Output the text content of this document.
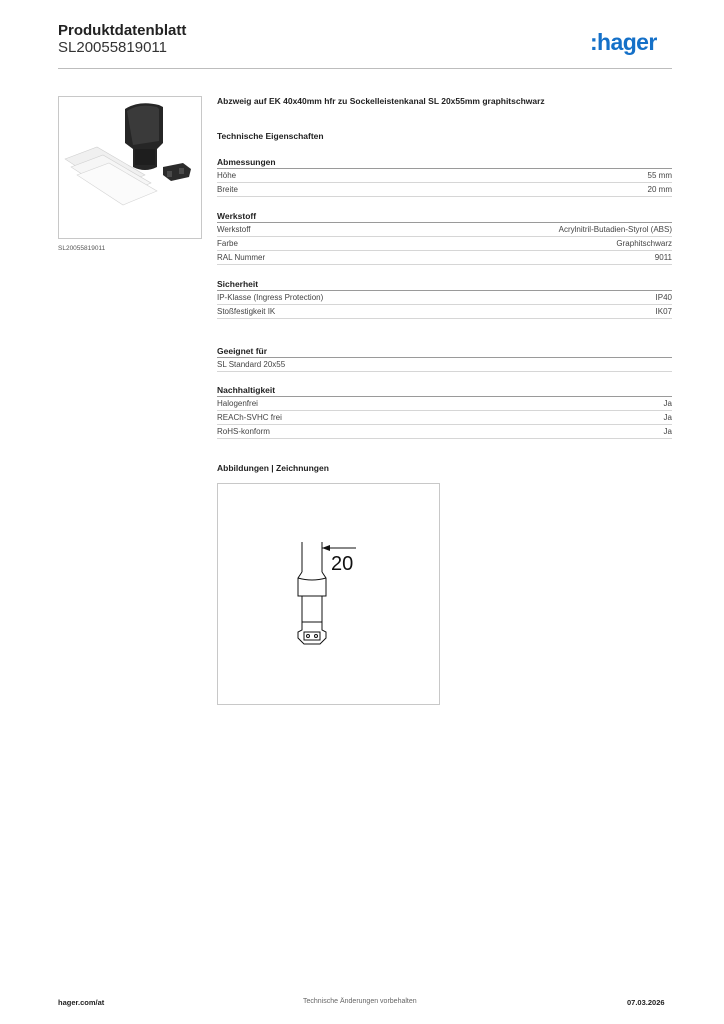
Produktdatenblatt
SL20055819011	:hager
SL20055819011
Abzweig auf EK 40x40mm hfr zu Sockelleistenkanal SL 20x55mm graphitschwarz
Technische Eigenschaften
Abmessungen
Höhe	55 mm
Breite	20 mm
Werkstoff
Werkstoff	Acrylnitril-Butadien-Styrol (ABS)
Farbe	Graphitschwarz
RAL Nummer	9011
Sicherheit
IP-Klasse (Ingress Protection)	IP40
Stoßfestigkeit IK	IK07
Geeignet für
SL Standard 20x55
Nachhaltigkeit
Halogenfrei	Ja
REACh-SVHC frei	Ja
RoHS-konform	Ja
Abbildungen | Zeichnungen
20
hager.com/at	Technische Änderungen vorbehalten	07.03.2026
